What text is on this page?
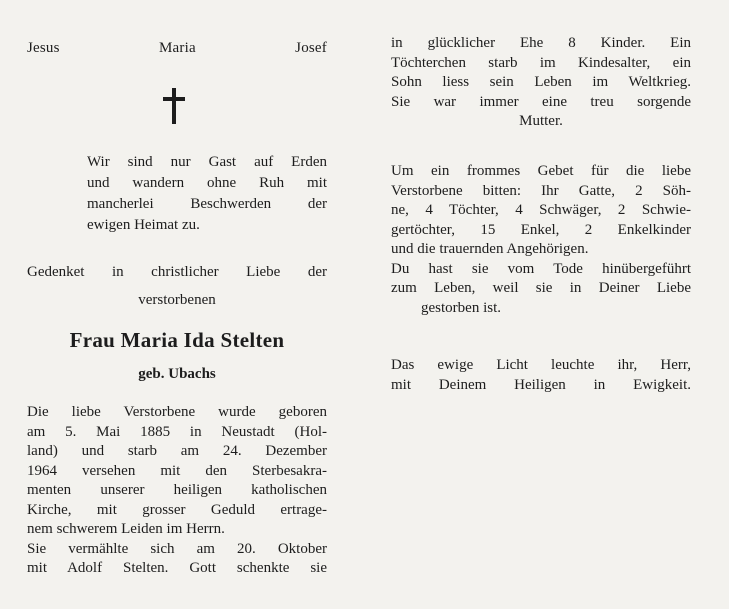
Jesus	Maria	Josef
Wir sind nur Gast auf Erden
und wandern ohne Ruh mit
mancherlei Beschwerden der
ewigen Heimat zu.
Gedenket in christlicher Liebe der
verstorbenen
Frau Maria Ida Stelten
geb. Ubachs
Die liebe Verstorbene wurde geboren
am 5. Mai 1885 in Neustadt (Hol-
land) und starb am 24. Dezember
1964 versehen mit den Sterbesakra-
menten unserer heiligen katholischen
Kirche, mit grosser Geduld ertrage-
nem schwerem Leiden im Herrn.
Sie vermählte sich am 20. Oktober
mit Adolf Stelten. Gott schenkte sie
in glücklicher Ehe 8 Kinder. Ein
Töchterchen starb im Kindesalter, ein
Sohn liess sein Leben im Weltkrieg.
Sie war immer eine treu sorgende
Mutter.
Um ein frommes Gebet für die liebe
Verstorbene bitten: Ihr Gatte, 2 Söh-
ne, 4 Töchter, 4 Schwäger, 2 Schwie-
gertöchter, 15 Enkel, 2 Enkelkinder
und die trauernden Angehörigen.
Du hast sie vom Tode hinübergeführt
zum Leben, weil sie in Deiner Liebe
gestorben ist.
Das ewige Licht leuchte ihr, Herr,
mit Deinem Heiligen in Ewigkeit.
